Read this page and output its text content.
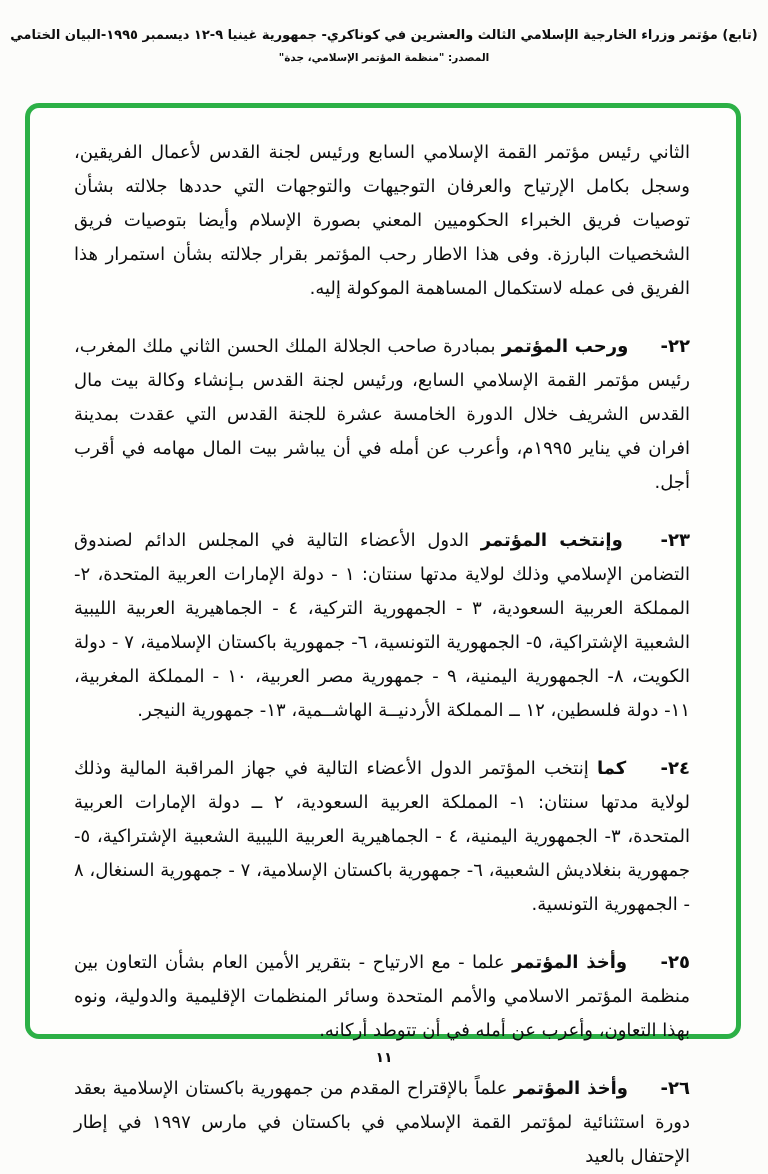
(تابع) مؤتمر وزراء الخارجية الإسلامي الثالث والعشرين في كوناكري- جمهورية غينيا ٩-١٢ ديسمبر ١٩٩٥-البيان الختامي
المصدر: "منظمة المؤتمر الإسلامي، جدة"

الثاني رئيس مؤتمر القمة الإسلامي السابع ورئيس لجنة القدس لأعمال الفريقين، وسجل بكامل الإرتياح والعرفان التوجيهات والتوجهات التي حددها جلالته بشأن توصيات فريق الخبراء الحكوميين المعني بصورة الإسلام وأيضا بتوصيات فريق الشخصيات البارزة. وفى هذا الاطار رحب المؤتمر بقرار جلالته بشأن استمرار هذا الفريق فى عمله لاستكمال المساهمة الموكولة إليه.

٢٢- ورحب المؤتمر بمبادرة صاحب الجلالة الملك الحسن الثاني ملك المغرب، رئيس مؤتمر القمة الإسلامي السابع، ورئيس لجنة القدس بـإنشاء وكالة بيت مال القدس الشريف خلال الدورة الخامسة عشرة للجنة القدس التي عقدت بمدينة افران في يناير ١٩٩٥م، وأعرب عن أمله في أن يباشر بيت المال مهامه في أقرب أجل.

٢٣- وإنتخب المؤتمر الدول الأعضاء التالية في المجلس الدائم لصندوق التضامن الإسلامي وذلك لولاية مدتها سنتان: ١ - دولة الإمارات العربية المتحدة، ٢- المملكة العربية السعودية، ٣ - الجمهورية التركية، ٤ - الجماهيرية العربية الليبية الشعبية الإشتراكية، ٥- الجمهورية التونسية، ٦- جمهورية باكستان الإسلامية، ٧ - دولة الكويت، ٨- الجمهورية اليمنية، ٩ - جمهورية مصر العربية، ١٠ - المملكة المغربية، ١١- دولة فلسطين، ١٢ ــ المملكة الأردنيــة الهاشــمية، ١٣- جمهورية النيجر.

٢٤- كما إنتخب المؤتمر الدول الأعضاء التالية في جهاز المراقبة المالية وذلك لولاية مدتها سنتان: ١- المملكة العربية السعودية، ٢ ــ دولة الإمارات العربية المتحدة، ٣- الجمهورية اليمنية، ٤ - الجماهيرية العربية الليبية الشعبية الإشتراكية، ٥- جمهورية بنغلاديش الشعبية، ٦- جمهورية باكستان الإسلامية، ٧ - جمهورية السنغال، ٨ - الجمهورية التونسية.

٢٥- وأخذ المؤتمر علما - مع الارتياح - بتقرير الأمين العام بشأن التعاون بين منظمة المؤتمر الاسلامي والأمم المتحدة وسائر المنظمات الإقليمية والدولية، ونوه بهذا التعاون، وأعرب عن أمله في أن تتوطد أركانه.

٢٦- وأخذ المؤتمر علماً بالإقتراح المقدم من جمهورية باكستان الإسلامية بعقد دورة استثنائية لمؤتمر القمة الإسلامي في باكستان في مارس ١٩٩٧ في إطار الإحتفال بالعيد

١١
